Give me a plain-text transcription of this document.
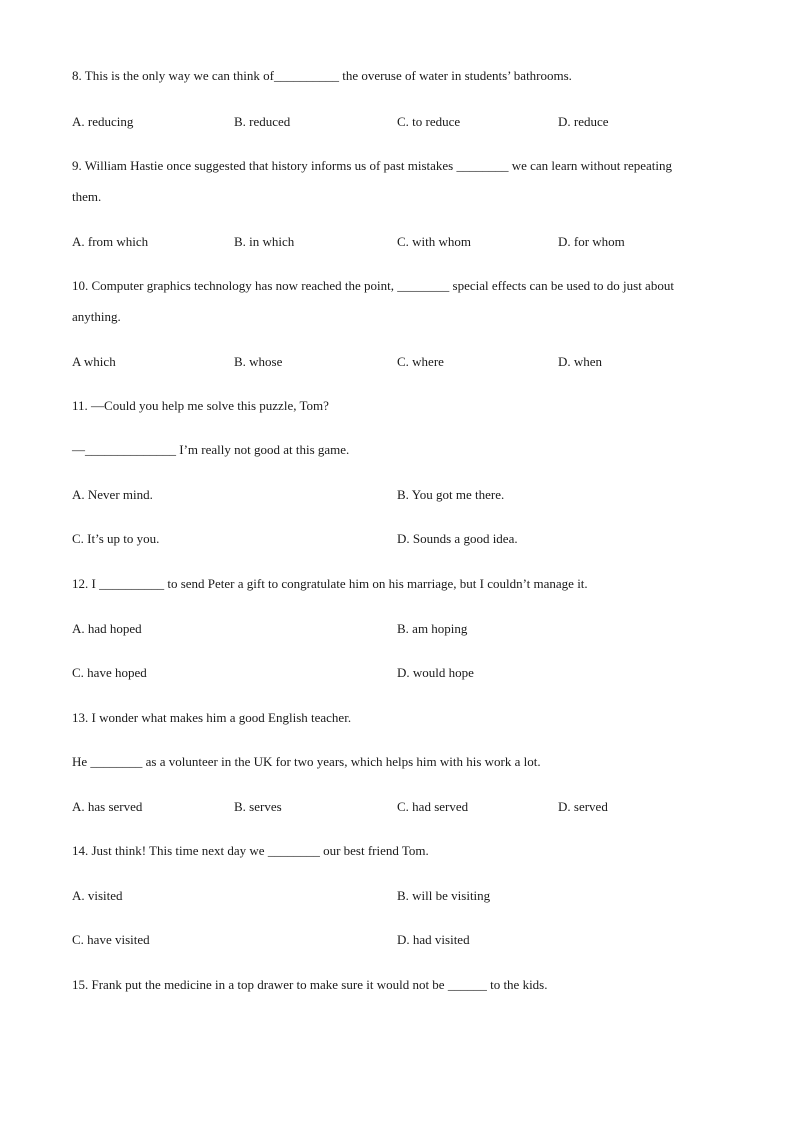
8. This is the only way we can think of__________ the overuse of water in students’ bathrooms.
A. reducing	B. reduced	C. to reduce	D. reduce
9. William Hastie once suggested that history informs us of past mistakes ________ we can learn without repeating
them.
A. from which	B. in which	C. with whom	D. for whom
10. Computer graphics technology has now reached the point, ________ special effects can be used to do just about
anything.
A which	B. whose	C. where	D. when
11. —Could you help me solve this puzzle, Tom?
—______________ I’m really not good at this game.
A. Never mind.	B. You got me there.
C. It’s up to you.	D. Sounds a good idea.
12. I __________ to send Peter a gift to congratulate him on his marriage, but I couldn’t manage it.
A. had hoped	B. am hoping
C. have hoped	D. would hope
13. I wonder what makes him a good English teacher.
He ________ as a volunteer in the UK for two years, which helps him with his work a lot.
A. has served	B. serves	C. had served	D. served
14. Just think! This time next day we ________ our best friend Tom.
A. visited	B. will be visiting
C. have visited	D. had visited
15. Frank put the medicine in a top drawer to make sure it would not be ______ to the kids.
